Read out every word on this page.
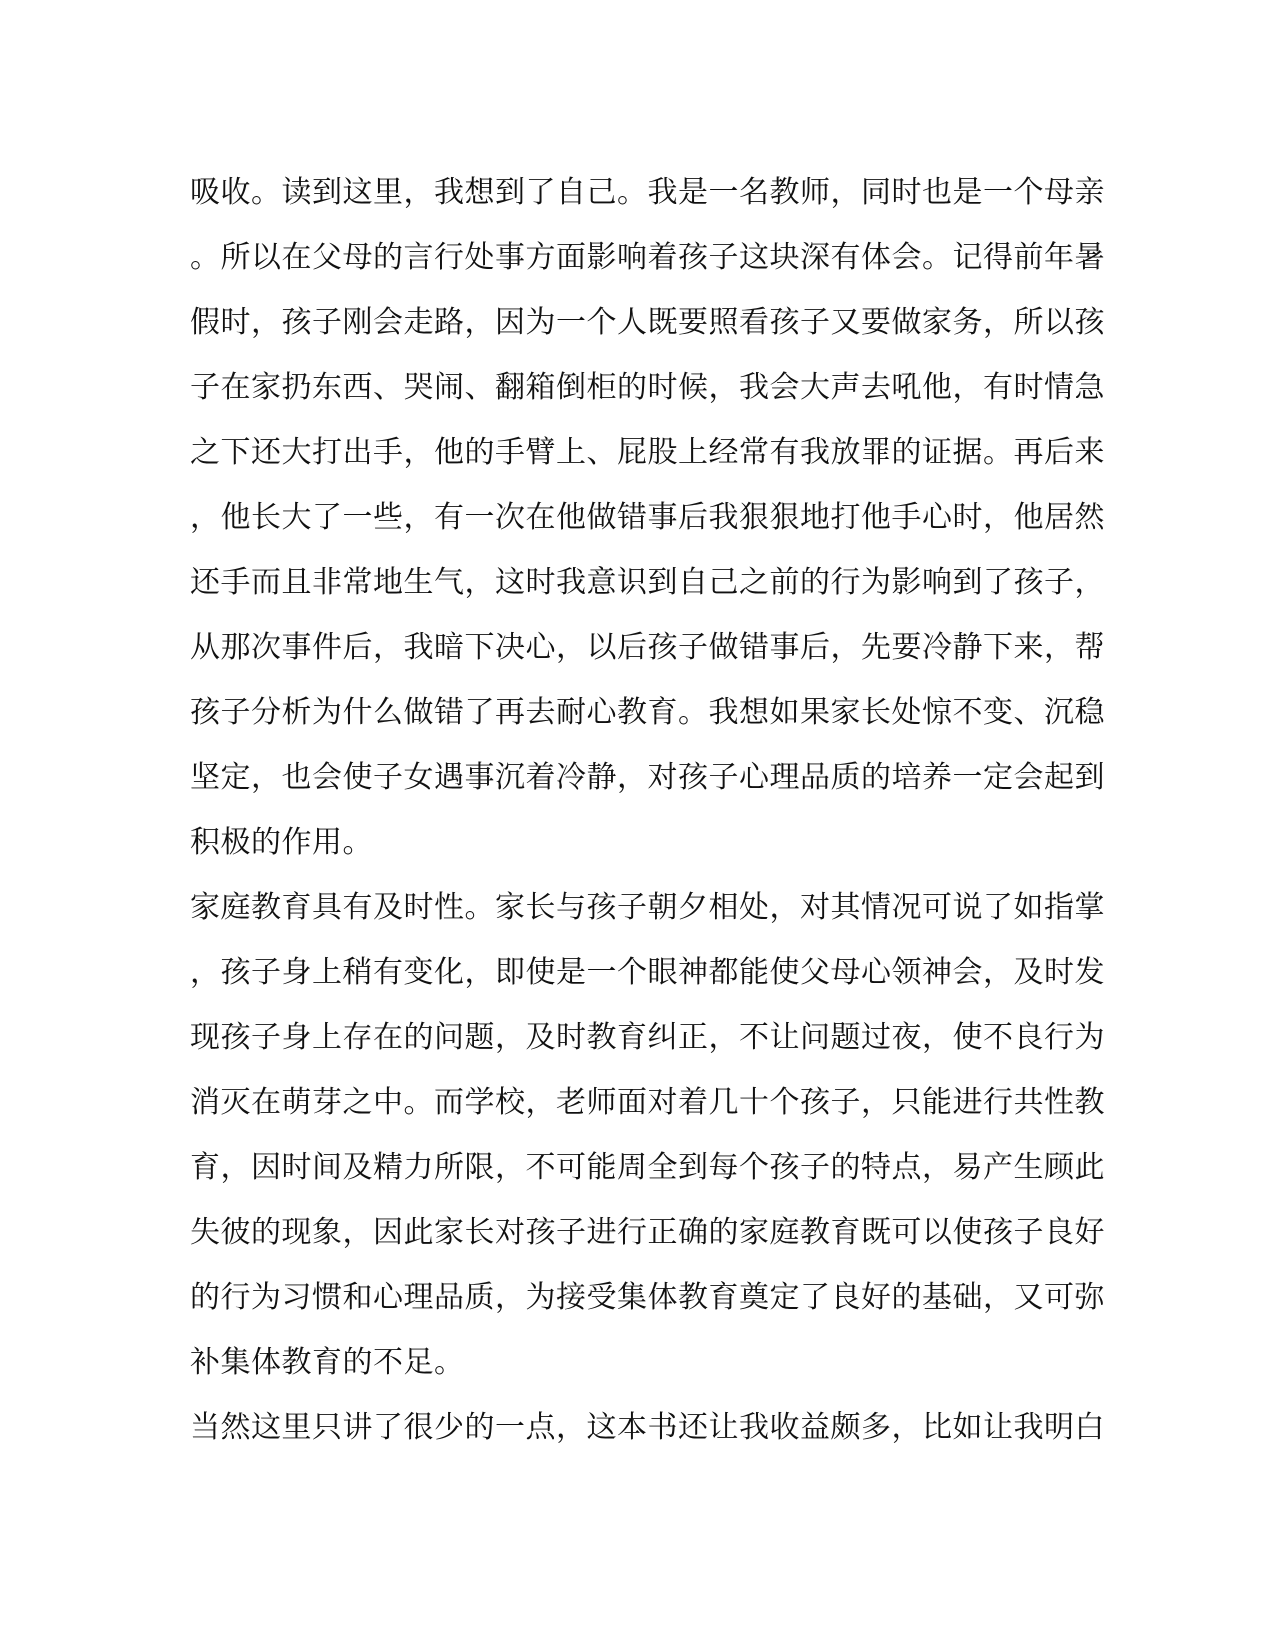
吸收。读到这里，我想到了自己。我是一名教师，同时也是一个母亲
。所以在父母的言行处事方面影响着孩子这块深有体会。记得前年暑
假时，孩子刚会走路，因为一个人既要照看孩子又要做家务，所以孩
子在家扔东西、哭闹、翻箱倒柜的时候，我会大声去吼他，有时情急
之下还大打出手，他的手臂上、屁股上经常有我放罪的证据。再后来
，他长大了一些，有一次在他做错事后我狠狠地打他手心时，他居然
还手而且非常地生气，这时我意识到自己之前的行为影响到了孩子，
从那次事件后，我暗下决心，以后孩子做错事后，先要冷静下来，帮
孩子分析为什么做错了再去耐心教育。我想如果家长处惊不变、沉稳
坚定，也会使子女遇事沉着冷静，对孩子心理品质的培养一定会起到
积极的作用。
家庭教育具有及时性。家长与孩子朝夕相处，对其情况可说了如指掌
，孩子身上稍有变化，即使是一个眼神都能使父母心领神会，及时发
现孩子身上存在的问题，及时教育纠正，不让问题过夜，使不良行为
消灭在萌芽之中。而学校，老师面对着几十个孩子，只能进行共性教
育，因时间及精力所限，不可能周全到每个孩子的特点，易产生顾此
失彼的现象，因此家长对孩子进行正确的家庭教育既可以使孩子良好
的行为习惯和心理品质，为接受集体教育奠定了良好的基础，又可弥
补集体教育的不足。
当然这里只讲了很少的一点，这本书还让我收益颇多，比如让我明白
